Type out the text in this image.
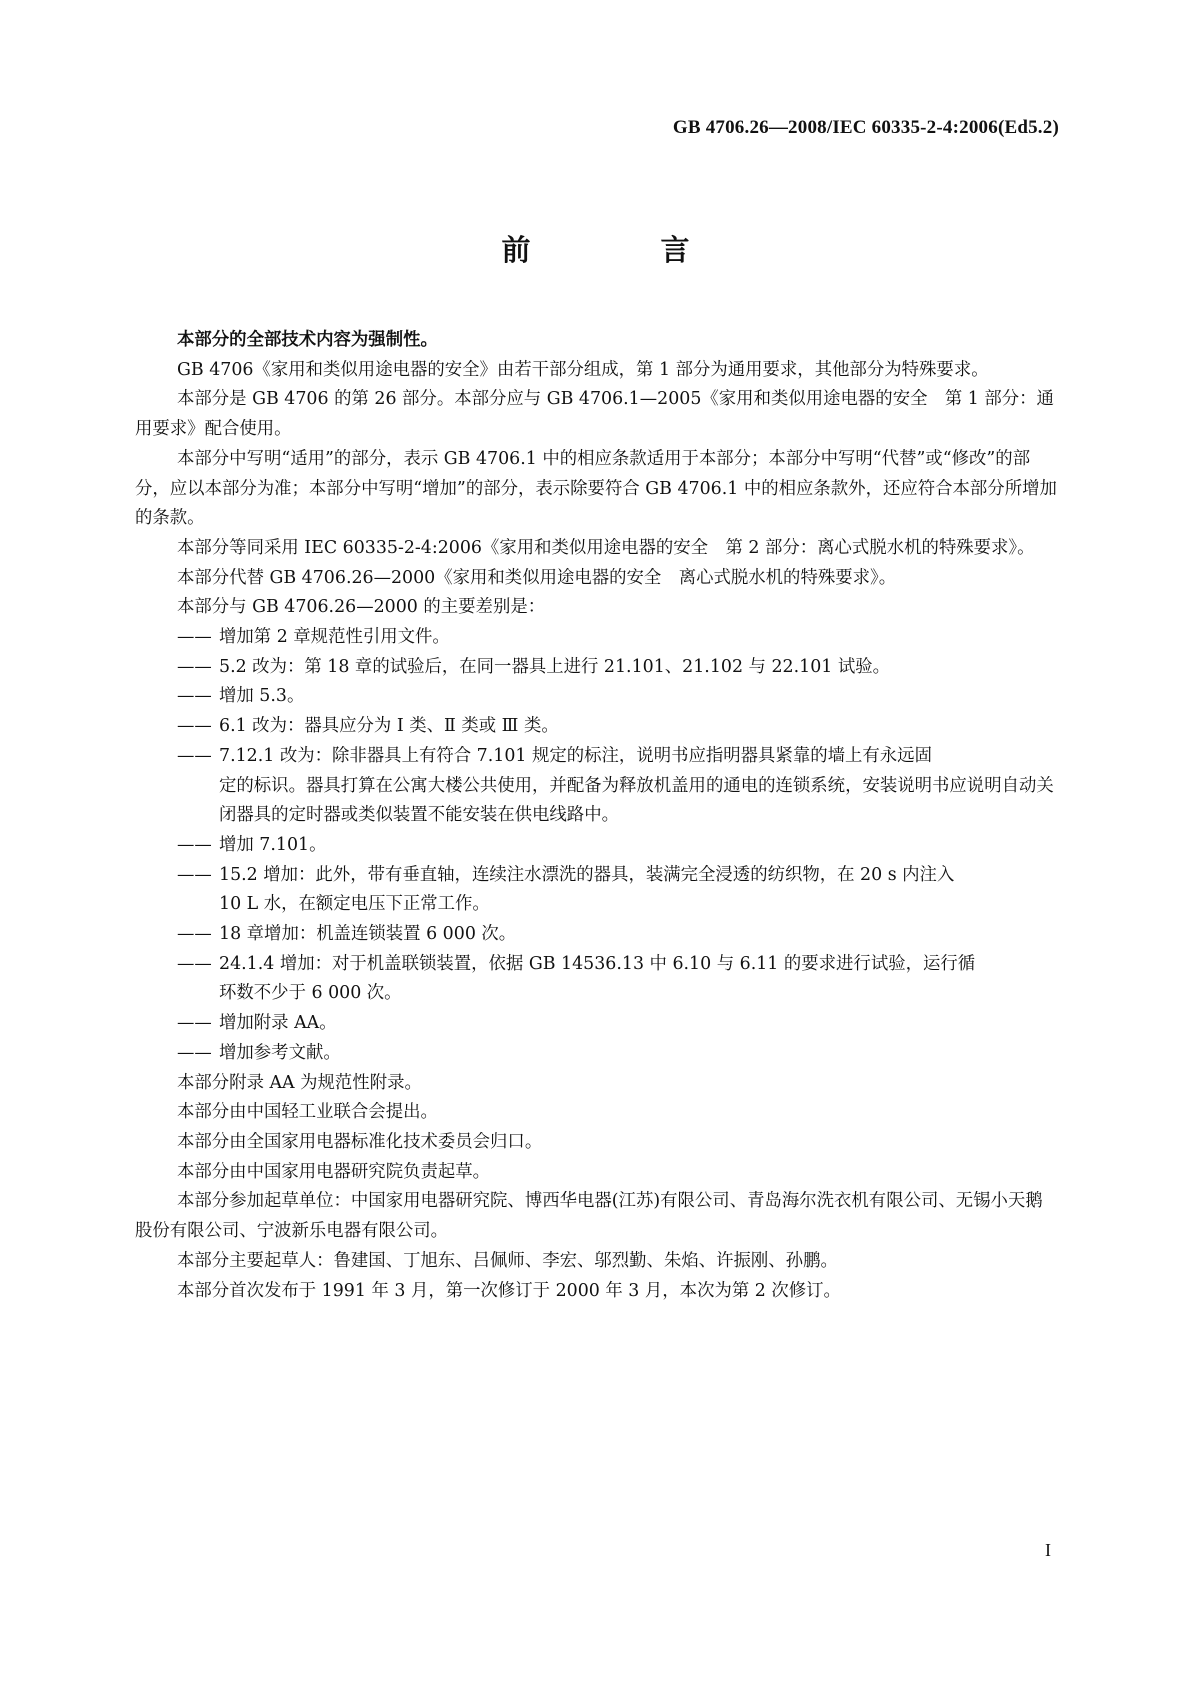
GB 4706.26—2008/IEC 60335-2-4:2006(Ed5.2)
前 言

本部分的全部技术内容为强制性。

GB 4706《家用和类似用途电器的安全》由若干部分组成，第 1 部分为通用要求，其他部分为特殊要求。

本部分是 GB 4706 的第 26 部分。本部分应与 GB 4706.1—2005《家用和类似用途电器的安全　第 1 部分：通用要求》配合使用。

本部分中写明“适用”的部分，表示 GB 4706.1 中的相应条款适用于本部分；本部分中写明“代替”或“修改”的部分，应以本部分为准；本部分中写明“增加”的部分，表示除要符合 GB 4706.1 中的相应条款外，还应符合本部分所增加的条款。

本部分等同采用 IEC 60335-2-4:2006《家用和类似用途电器的安全　第 2 部分：离心式脱水机的特殊要求》。

本部分代替 GB 4706.26—2000《家用和类似用途电器的安全　离心式脱水机的特殊要求》。

本部分与 GB 4706.26—2000 的主要差别是：

—— 增加第 2 章规范性引用文件。

—— 5.2 改为：第 18 章的试验后，在同一器具上进行 21.101、21.102 与 22.101 试验。

—— 增加 5.3。

—— 6.1 改为：器具应分为 Ⅰ 类、Ⅱ 类或 Ⅲ 类。

—— 7.12.1 改为：除非器具上有符合 7.101 规定的标注，说明书应指明器具紧靠的墙上有永远固
定的标识。器具打算在公寓大楼公共使用，并配备为释放机盖用的通电的连锁系统，安装说明书应说明自动关闭器具的定时器或类似装置不能安装在供电线路中。

—— 增加 7.101。

—— 15.2 增加：此外，带有垂直轴，连续注水漂洗的器具，装满完全浸透的纺织物，在 20 s 内注入
10 L 水，在额定电压下正常工作。

—— 18 章增加：机盖连锁装置 6 000 次。

—— 24.1.4 增加：对于机盖联锁装置，依据 GB 14536.13 中 6.10 与 6.11 的要求进行试验，运行循
环数不少于 6 000 次。

—— 增加附录 AA。

—— 增加参考文献。

本部分附录 AA 为规范性附录。

本部分由中国轻工业联合会提出。

本部分由全国家用电器标准化技术委员会归口。

本部分由中国家用电器研究院负责起草。

本部分参加起草单位：中国家用电器研究院、博西华电器(江苏)有限公司、青岛海尔洗衣机有限公司、无锡小天鹅股份有限公司、宁波新乐电器有限公司。

本部分主要起草人：鲁建国、丁旭东、吕佩师、李宏、邬烈勤、朱焰、许振刚、孙鹏。

本部分首次发布于 1991 年 3 月，第一次修订于 2000 年 3 月，本次为第 2 次修订。

I
